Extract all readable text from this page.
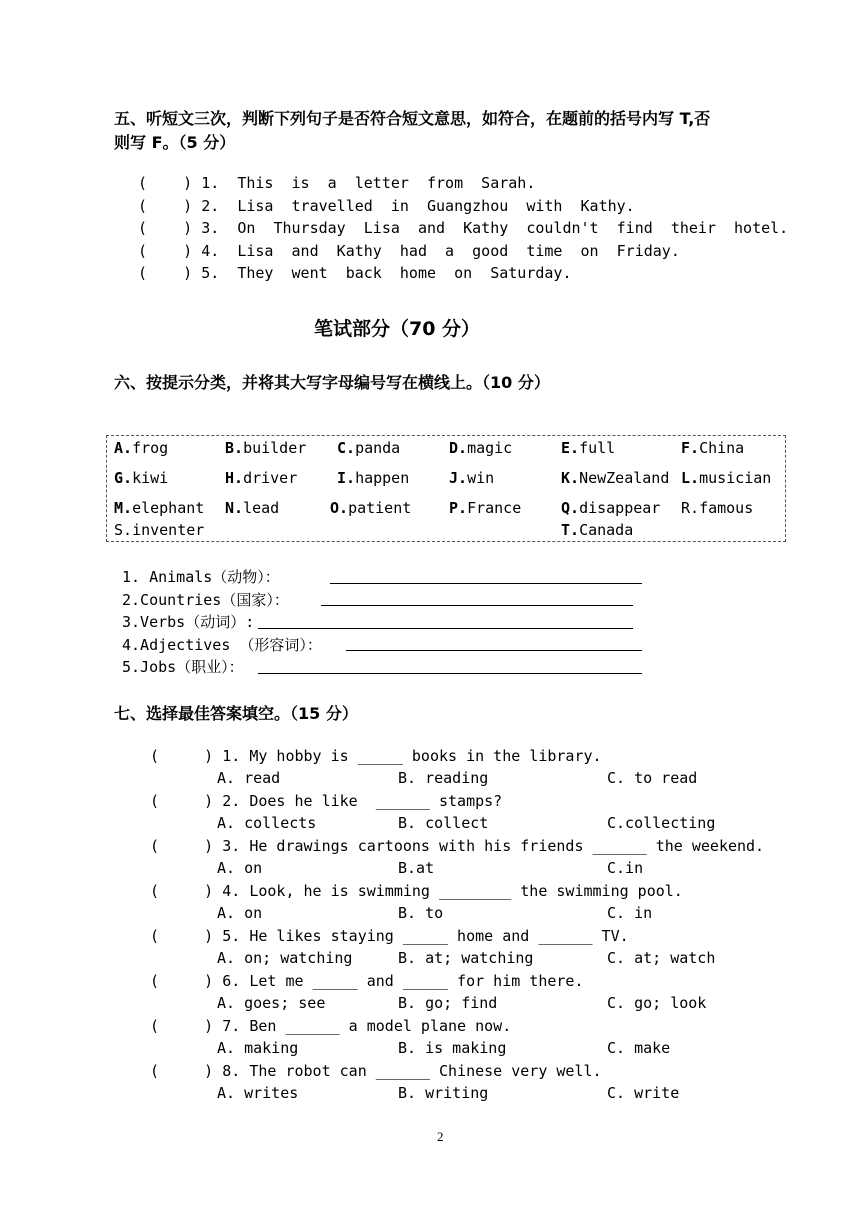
五、听短文三次，判断下列句子是否符合短文意思，如符合，在题前的括号内写 T,否
则写 F。（5 分）
(    ) 1.  This  is  a  letter  from  Sarah.
(    ) 2.  Lisa  travelled  in  Guangzhou  with  Kathy.
(    ) 3.  On  Thursday  Lisa  and  Kathy  couldn't  find  their  hotel.
(    ) 4.  Lisa  and  Kathy  had  a  good  time  on  Friday.
(    ) 5.  They  went  back  home  on  Saturday.
笔试部分（70 分）
六、按提示分类，并将其大写字母编号写在横线上。（10 分）
A.frog	B.builder C.panda	D.magic	E.full	F.China
G.kiwi	H.driver	I.happen	J.win	K.NewZealand L.musician
M.elephant N.lead	O.patient	P.France	Q.disappear R.famous
S.inventer	T.Canada
1. Animals（动物）：
2.Countries（国家）：
3.Verbs（动词）:
4.Adjectives （形容词）：
5.Jobs（职业）：
七、选择最佳答案填空。（15 分）
(     ) 1. My hobby is _____ books in the library.
A. read	B. reading	C. to read
(     ) 2. Does he like  ______ stamps?
A. collects	B. collect	C.collecting
(     ) 3. He drawings cartoons with his friends ______ the weekend.
A. on	B.at	C.in
(     ) 4. Look, he is swimming ________ the swimming pool.
A. on	B. to	C. in
(     ) 5. He likes staying _____ home and ______ TV.
A. on; watching	B. at; watching	C. at; watch
(     ) 6. Let me _____ and _____ for him there.
A. goes; see	B. go; find	C. go; look
(     ) 7. Ben ______ a model plane now.
A. making	B. is making	C. make
(     ) 8. The robot can ______ Chinese very well.
A. writes	B. writing	C. write
2
